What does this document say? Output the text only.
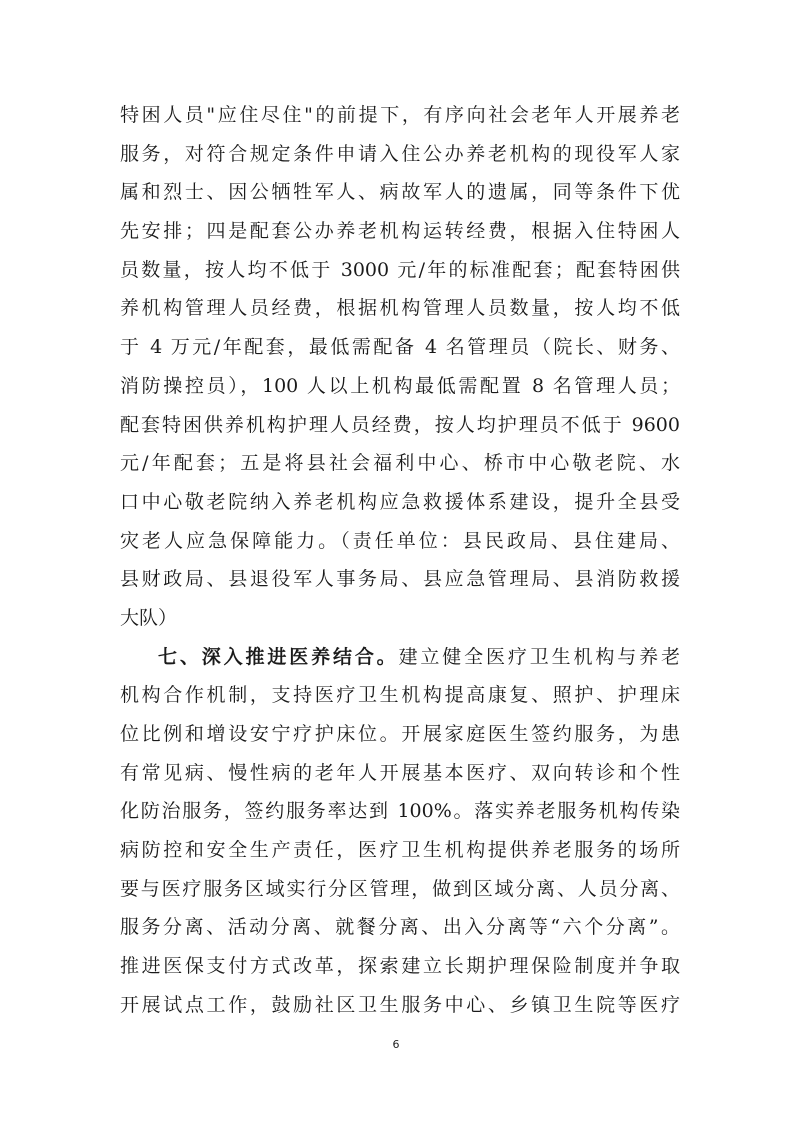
特困人员"应住尽住"的前提下，有序向社会老年人开展养老
服务，对符合规定条件申请入住公办养老机构的现役军人家
属和烈士、因公牺牲军人、病故军人的遗属，同等条件下优
先安排；四是配套公办养老机构运转经费，根据入住特困人
员数量，按人均不低于 3000 元/年的标准配套；配套特困供
养机构管理人员经费，根据机构管理人员数量，按人均不低
于 4 万元/年配套，最低需配备 4 名管理员（院长、财务、
消防操控员），100 人以上机构最低需配置 8 名管理人员；
配套特困供养机构护理人员经费，按人均护理员不低于 9600
元/年配套；五是将县社会福利中心、桥市中心敬老院、水
口中心敬老院纳入养老机构应急救援体系建设，提升全县受
灾老人应急保障能力。（责任单位：县民政局、县住建局、
县财政局、县退役军人事务局、县应急管理局、县消防救援
大队）
七、深入推进医养结合。建立健全医疗卫生机构与养老
机构合作机制，支持医疗卫生机构提高康复、照护、护理床
位比例和增设安宁疗护床位。开展家庭医生签约服务，为患
有常见病、慢性病的老年人开展基本医疗、双向转诊和个性
化防治服务，签约服务率达到 100%。落实养老服务机构传染
病防控和安全生产责任，医疗卫生机构提供养老服务的场所
要与医疗服务区域实行分区管理，做到区域分离、人员分离、
服务分离、活动分离、就餐分离、出入分离等“六个分离”。
推进医保支付方式改革，探索建立长期护理保险制度并争取
开展试点工作，鼓励社区卫生服务中心、乡镇卫生院等医疗
6
